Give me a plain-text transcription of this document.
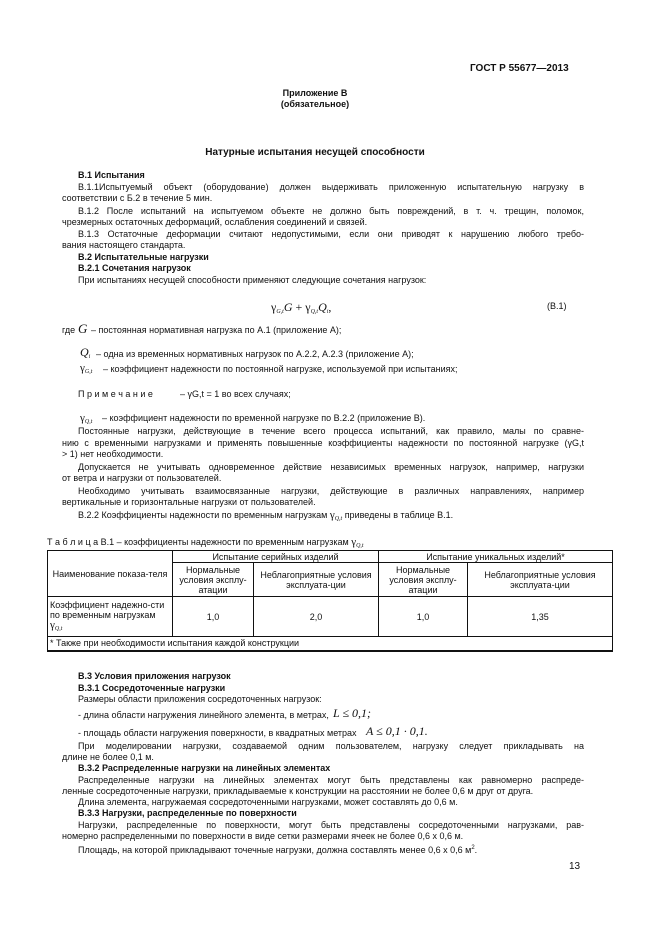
ГОСТ Р 55677—2013
Приложение В
(обязательное)
Натурные испытания несущей способности
В.1 Испытания
В.1.1Испытуемый объект (оборудование) должен выдерживать приложенную испытательную нагрузку в
соответствии с Б.2 в течение 5 мин.
В.1.2 После испытаний на испытуемом объекте не должно быть повреждений, в т. ч. трещин, поломок,
чрезмерных остаточных деформаций, ослабления соединений и связей.
В.1.3 Остаточные деформации считают недопустимыми, если они приводят к нарушению любого требо-
вания настоящего стандарта.
В.2 Испытательные нагрузки
В.2.1 Сочетания нагрузок
При испытаниях несущей способности применяют следующие сочетания нагрузок:
$\gamma_{G,t}G + \gamma_{Q,t}Q_i$,	(В.1)
где G – постоянная нормативная нагрузка по А.1 (приложение А);
$Q_i$ – одна из временных нормативных нагрузок по А.2.2, А.2.3 (приложение А);
$\gamma_{G,t}$ – коэффициент надежности по постоянной нагрузке, используемой при испытаниях;
П р и м е ч а н и е	– γG,t = 1 во всех случаях;
$\gamma_{Q,t}$ – коэффициент надежности по временной нагрузке по В.2.2 (приложение В).
Постоянные нагрузки, действующие в течение всего процесса испытаний, как правило, малы по сравне-
нию с временными нагрузками и применять повышенные коэффициенты надежности по постоянной нагрузке (γG,t
> 1) нет необходимости.
Допускается не учитывать одновременное действие независимых временных нагрузок, например, нагрузки
от ветра и нагрузки от пользователей.
Необходимо учитывать взаимосвязанные нагрузки, действующие в различных направлениях, например
вертикальные и горизонтальные нагрузки от пользователей.
В.2.2 Коэффициенты надежности по временным нагрузкам $\gamma_{Q,t}$ приведены в таблице В.1.
Т а б л и ц а В.1 – коэффициенты надежности по временным нагрузкам $\gamma_{Q,t}$
Наименование показа-теля	Испытание серийных изделий		Испытание уникальных изделий*	
	Нормальные условия эксплу-атации	Неблагоприятные условия эксплуата-ции	Нормальные условия эксплу-атации	Неблагоприятные условия эксплуата-ции
Коэффициент надежно-сти по временным нагрузкам $\gamma_{Q,t}$	1,0	2,0	1,0	1,35
* Также при необходимости испытания каждой конструкции				
В.3 Условия приложения нагрузок
В.3.1 Сосредоточенные нагрузки
Размеры области приложения сосредоточенных нагрузок:
- длина области нагружения линейного элемента, в метрах, L ≤ 0,1;
- площадь области нагружения поверхности, в квадратных метрах A ≤ 0,1 · 0,1.
При моделировании нагрузки, создаваемой одним пользователем, нагрузку следует прикладывать на
длине не более 0,1 м.
В.3.2 Распределенные нагрузки на линейных элементах
Распределенные нагрузки на линейных элементах могут быть представлены как равномерно распреде-
ленные сосредоточенные нагрузки, прикладываемые к конструкции на расстоянии не более 0,6 м друг от друга.
Длина элемента, нагружаемая сосредоточенными нагрузками, может составлять до 0,6 м.
В.3.3 Нагрузки, распределенные по поверхности
Нагрузки, распределенные по поверхности, могут быть представлены сосредоточенными нагрузками, рав-
номерно распределенными по поверхности в виде сетки размерами ячеек не более 0,6 х 0,6 м.
Площадь, на которой прикладывают точечные нагрузки, должна составлять менее 0,6 х 0,6 $м^2$.
13
